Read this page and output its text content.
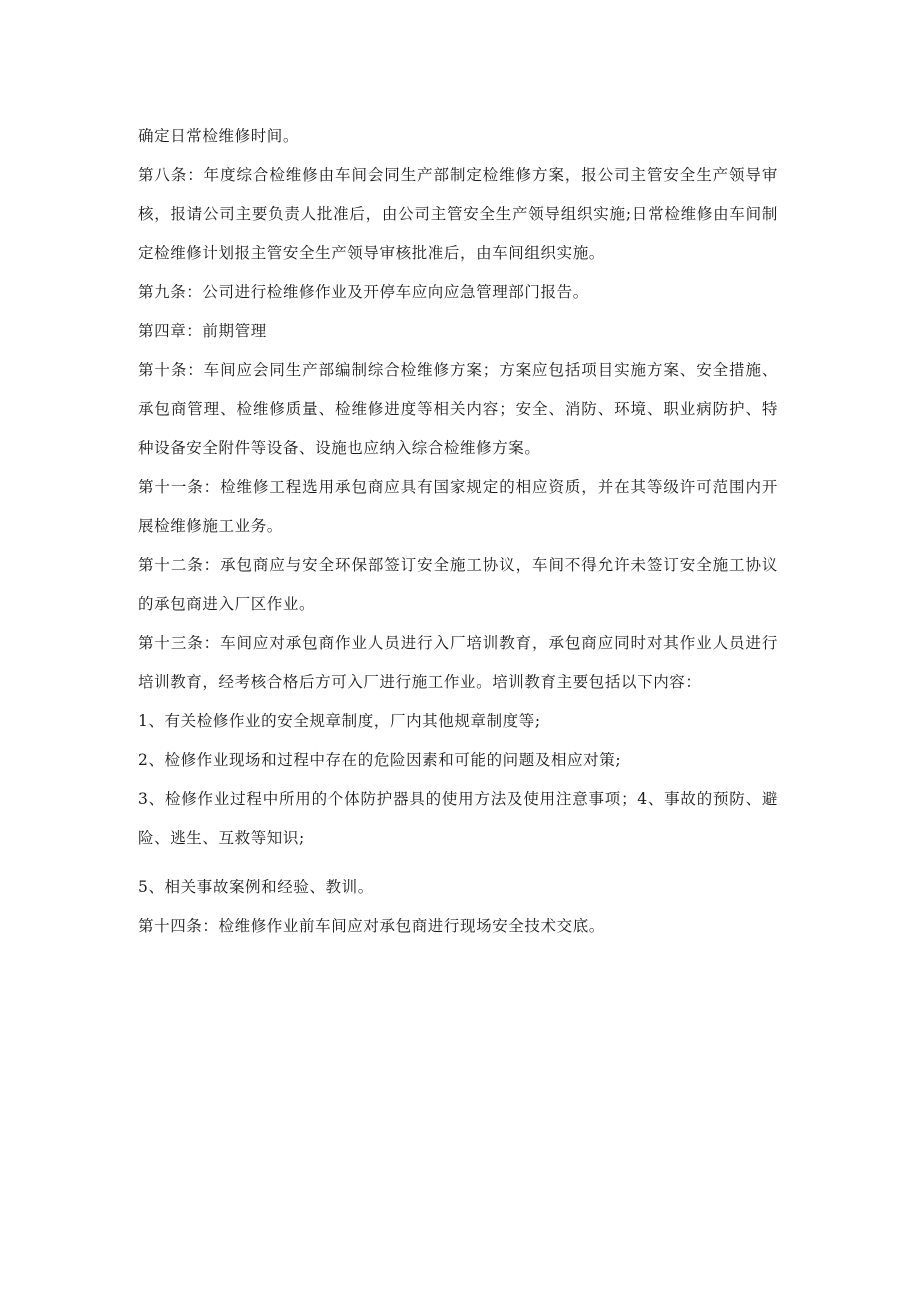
确定日常检维修时间。

第八条：年度综合检维修由车间会同生产部制定检维修方案，报公司主管安全生产领导审核，报请公司主要负责人批准后，由公司主管安全生产领导组织实施;日常检维修由车间制定检维修计划报主管安全生产领导审核批准后，由车间组织实施。

第九条：公司进行检维修作业及开停车应向应急管理部门报告。

第四章：前期管理

第十条：车间应会同生产部编制综合检维修方案；方案应包括项目实施方案、安全措施、承包商管理、检维修质量、检维修进度等相关内容；安全、消防、环境、职业病防护、特种设备安全附件等设备、设施也应纳入综合检维修方案。

第十一条：检维修工程选用承包商应具有国家规定的相应资质，并在其等级许可范围内开展检维修施工业务。

第十二条：承包商应与安全环保部签订安全施工协议，车间不得允许未签订安全施工协议的承包商进入厂区作业。

第十三条：车间应对承包商作业人员进行入厂培训教育，承包商应同时对其作业人员进行培训教育，经考核合格后方可入厂进行施工作业。培训教育主要包括以下内容：

1、有关检修作业的安全规章制度，厂内其他规章制度等;

2、检修作业现场和过程中存在的危险因素和可能的问题及相应对策;

3、检修作业过程中所用的个体防护器具的使用方法及使用注意事项；4、事故的预防、避险、逃生、互救等知识;

5、相关事故案例和经验、教训。

第十四条：检维修作业前车间应对承包商进行现场安全技术交底。
